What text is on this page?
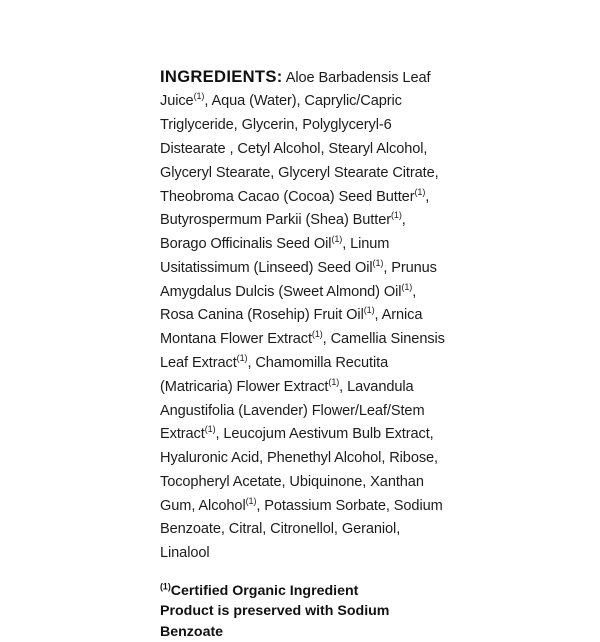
INGREDIENTS: Aloe Barbadensis Leaf Juice$^{(1)}$, Aqua (Water), Caprylic/Capric Triglyceride, Glycerin, Polyglyceryl-6 Distearate , Cetyl Alcohol, Stearyl Alcohol, Glyceryl Stearate, Glyceryl Stearate Citrate, Theobroma Cacao (Cocoa) Seed Butter$^{(1)}$, Butyrospermum Parkii (Shea) Butter$^{(1)}$, Borago Officinalis Seed Oil$^{(1)}$, Linum Usitatissimum (Linseed) Seed Oil$^{(1)}$, Prunus Amygdalus Dulcis (Sweet Almond) Oil$^{(1)}$, Rosa Canina (Rosehip) Fruit Oil$^{(1)}$, Arnica Montana Flower Extract$^{(1)}$, Camellia Sinensis Leaf Extract$^{(1)}$, Chamomilla Recutita (Matricaria) Flower Extract$^{(1)}$, Lavandula Angustifolia (Lavender) Flower/Leaf/Stem Extract$^{(1)}$, Leucojum Aestivum Bulb Extract, Hyaluronic Acid, Phenethyl Alcohol, Ribose, Tocopheryl Acetate, Ubiquinone, Xanthan Gum, Alcohol$^{(1)}$, Potassium Sorbate, Sodium Benzoate, Citral, Citronellol, Geraniol, Linalool

$^{(1)}$Certified Organic Ingredient
Product is preserved with Sodium Benzoate
